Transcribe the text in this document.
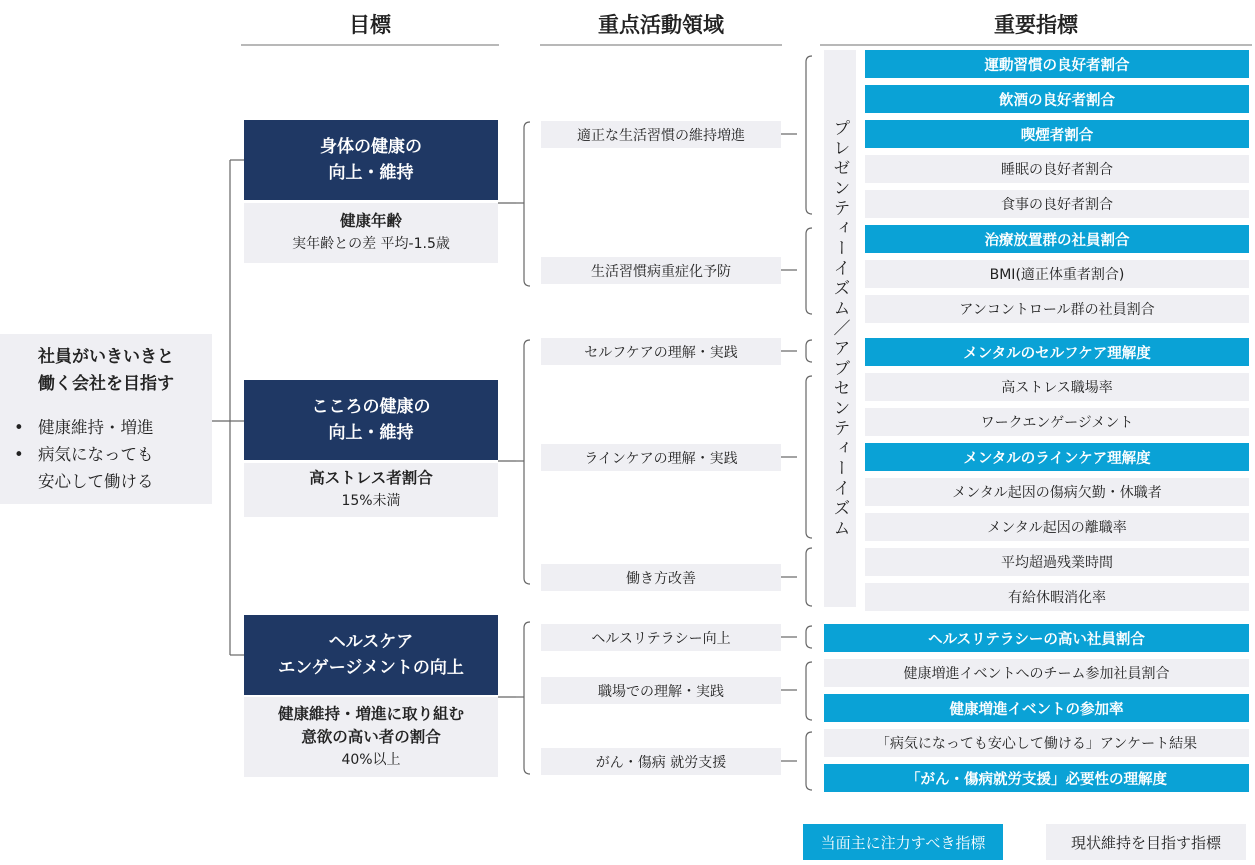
目標	重点活動領域	重要指標
社員がいきいきと
働く会社を目指す
• 健康維持・増進
• 病気になっても
安心して働ける
身体の健康の
向上・維持
健康年齢
実年齢との差 平均-1.5歳
こころの健康の
向上・維持
高ストレス者割合
15%未満
ヘルスケア
エンゲージメントの向上
健康維持・増進に取り組む
意欲の高い者の割合
40%以上
適正な生活習慣の維持増進
生活習慣病重症化予防
セルフケアの理解・実践
ラインケアの理解・実践
働き方改善
ヘルスリテラシー向上
職場での理解・実践
がん・傷病 就労支援
プレゼンティーイズム／アブセンティーイズム
運動習慣の良好者割合
飲酒の良好者割合
喫煙者割合
睡眠の良好者割合
食事の良好者割合
治療放置群の社員割合
BMI(適正体重者割合)
アンコントロール群の社員割合
メンタルのセルフケア理解度
高ストレス職場率
ワークエンゲージメント
メンタルのラインケア理解度
メンタル起因の傷病欠勤・休職者
メンタル起因の離職率
平均超過残業時間
有給休暇消化率
ヘルスリテラシーの高い社員割合
健康増進イベントへのチーム参加社員割合
健康増進イベントの参加率
「病気になっても安心して働ける」アンケート結果
「がん・傷病就労支援」必要性の理解度
当面主に注力すべき指標	現状維持を目指す指標
